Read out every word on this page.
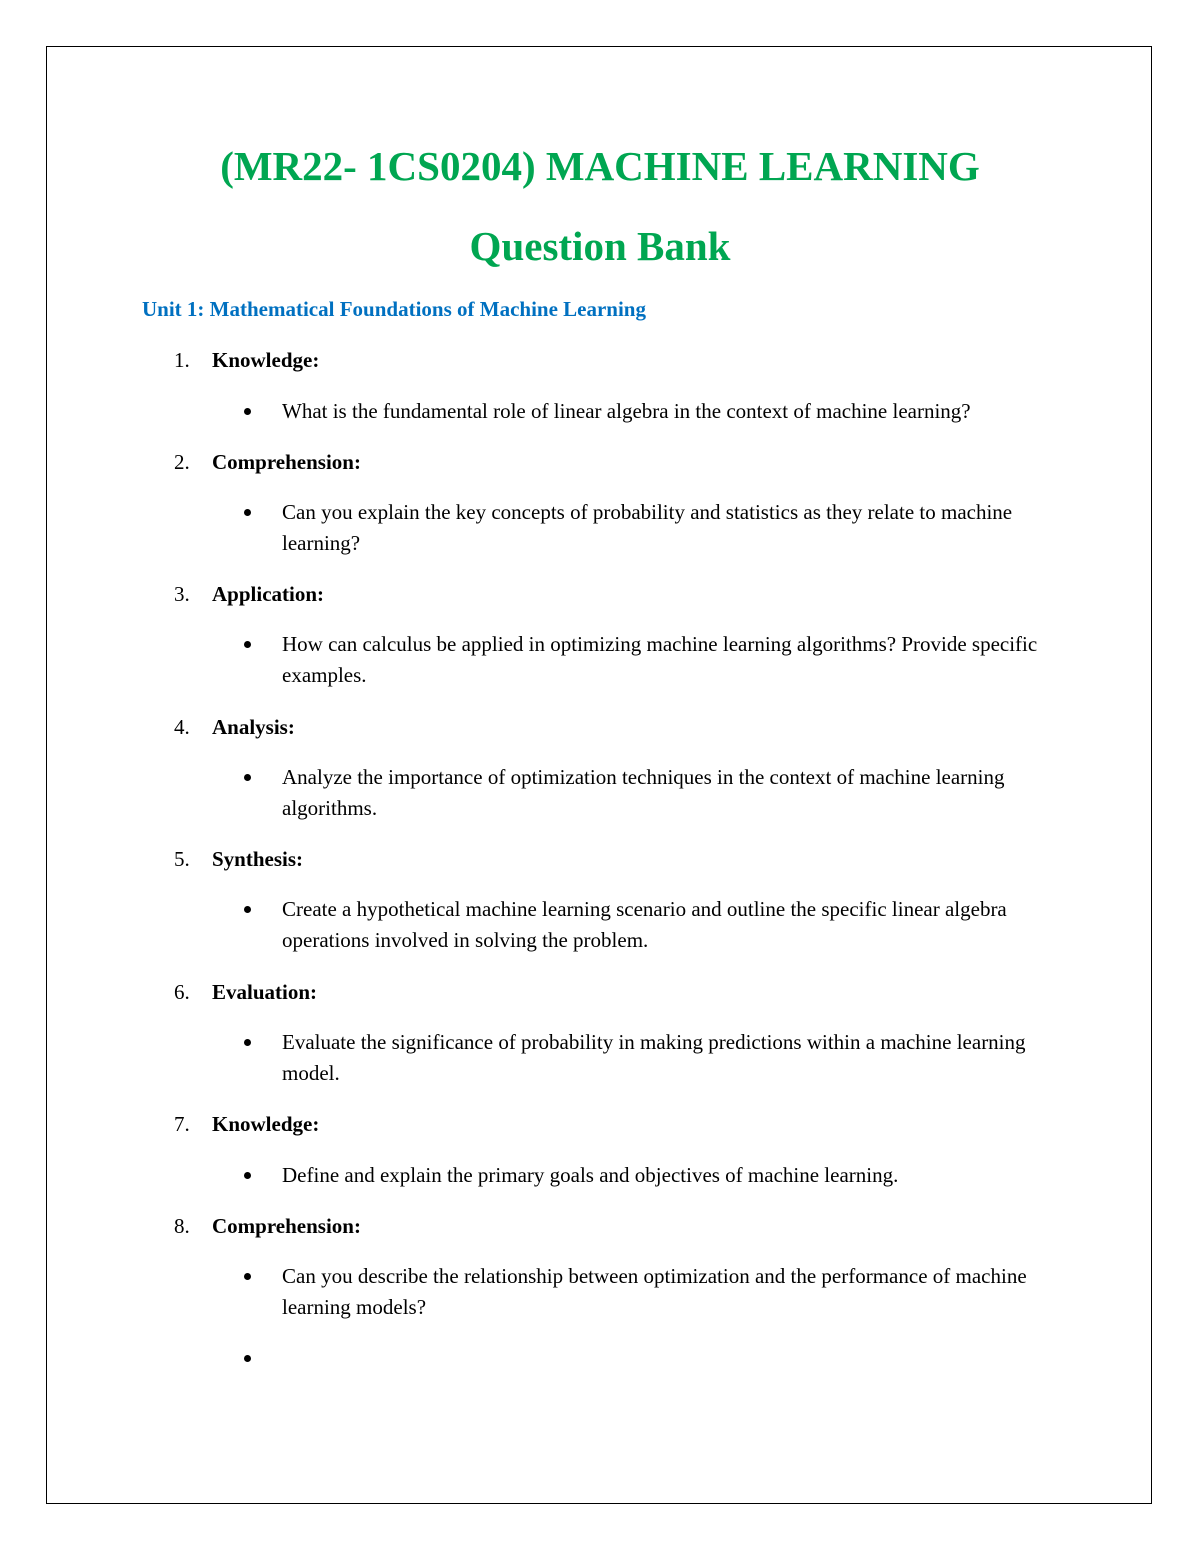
(MR22- 1CS0204) MACHINE LEARNING
Question Bank
Unit 1: Mathematical Foundations of Machine Learning
1. Knowledge:

What is the fundamental role of linear algebra in the context of machine learning?

2. Comprehension:

Can you explain the key concepts of probability and statistics as they relate to machine learning?

3. Application:

How can calculus be applied in optimizing machine learning algorithms? Provide specific examples.

4. Analysis:

Analyze the importance of optimization techniques in the context of machine learning algorithms.

5. Synthesis:

Create a hypothetical machine learning scenario and outline the specific linear algebra operations involved in solving the problem.

6. Evaluation:

Evaluate the significance of probability in making predictions within a machine learning model.

7. Knowledge:

Define and explain the primary goals and objectives of machine learning.

8. Comprehension:

Can you describe the relationship between optimization and the performance of machine learning models?
